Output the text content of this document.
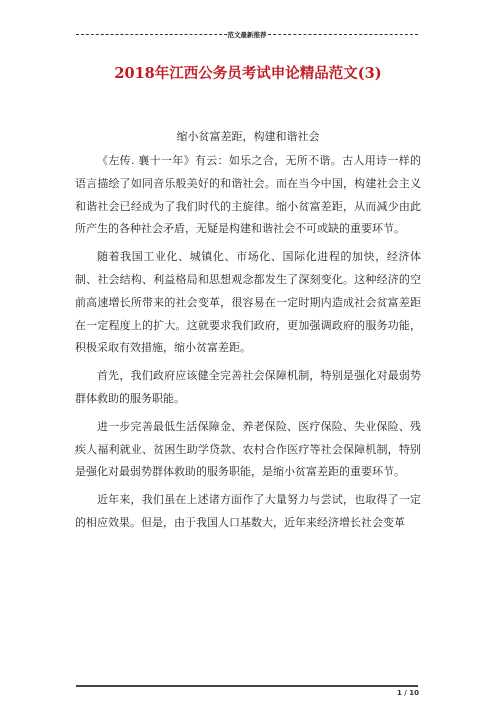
范文最新推荐
2018年江西公务员考试申论精品范文(3)
缩小贫富差距，构建和谐社会

《左传. 襄十一年》有云：如乐之合，无所不谐。古人用诗一样的语言描绘了如同音乐般美好的和谐社会。而在当今中国，构建社会主义和谐社会已经成为了我们时代的主旋律。缩小贫富差距，从而减少由此所产生的各种社会矛盾，无疑是构建和谐社会不可或缺的重要环节。

随着我国工业化、城镇化、市场化、国际化进程的加快，经济体制、社会结构、利益格局和思想观念都发生了深刻变化。这种经济的空前高速增长所带来的社会变革，很容易在一定时期内造成社会贫富差距在一定程度上的扩大。这就要求我们政府，更加强调政府的服务功能，积极采取有效措施，缩小贫富差距。

首先，我们政府应该健全完善社会保障机制，特别是强化对最弱势群体救助的服务职能。

进一步完善最低生活保障金、养老保险、医疗保险、失业保险、残疾人福利就业、贫困生助学贷款、农村合作医疗等社会保障机制，特别是强化对最弱势群体救助的服务职能，是缩小贫富差距的重要环节。

近年来，我们虽在上述诸方面作了大量努力与尝试，也取得了一定的相应效果。但是，由于我国人口基数大，近年来经济增长社会变革

1 / 10
